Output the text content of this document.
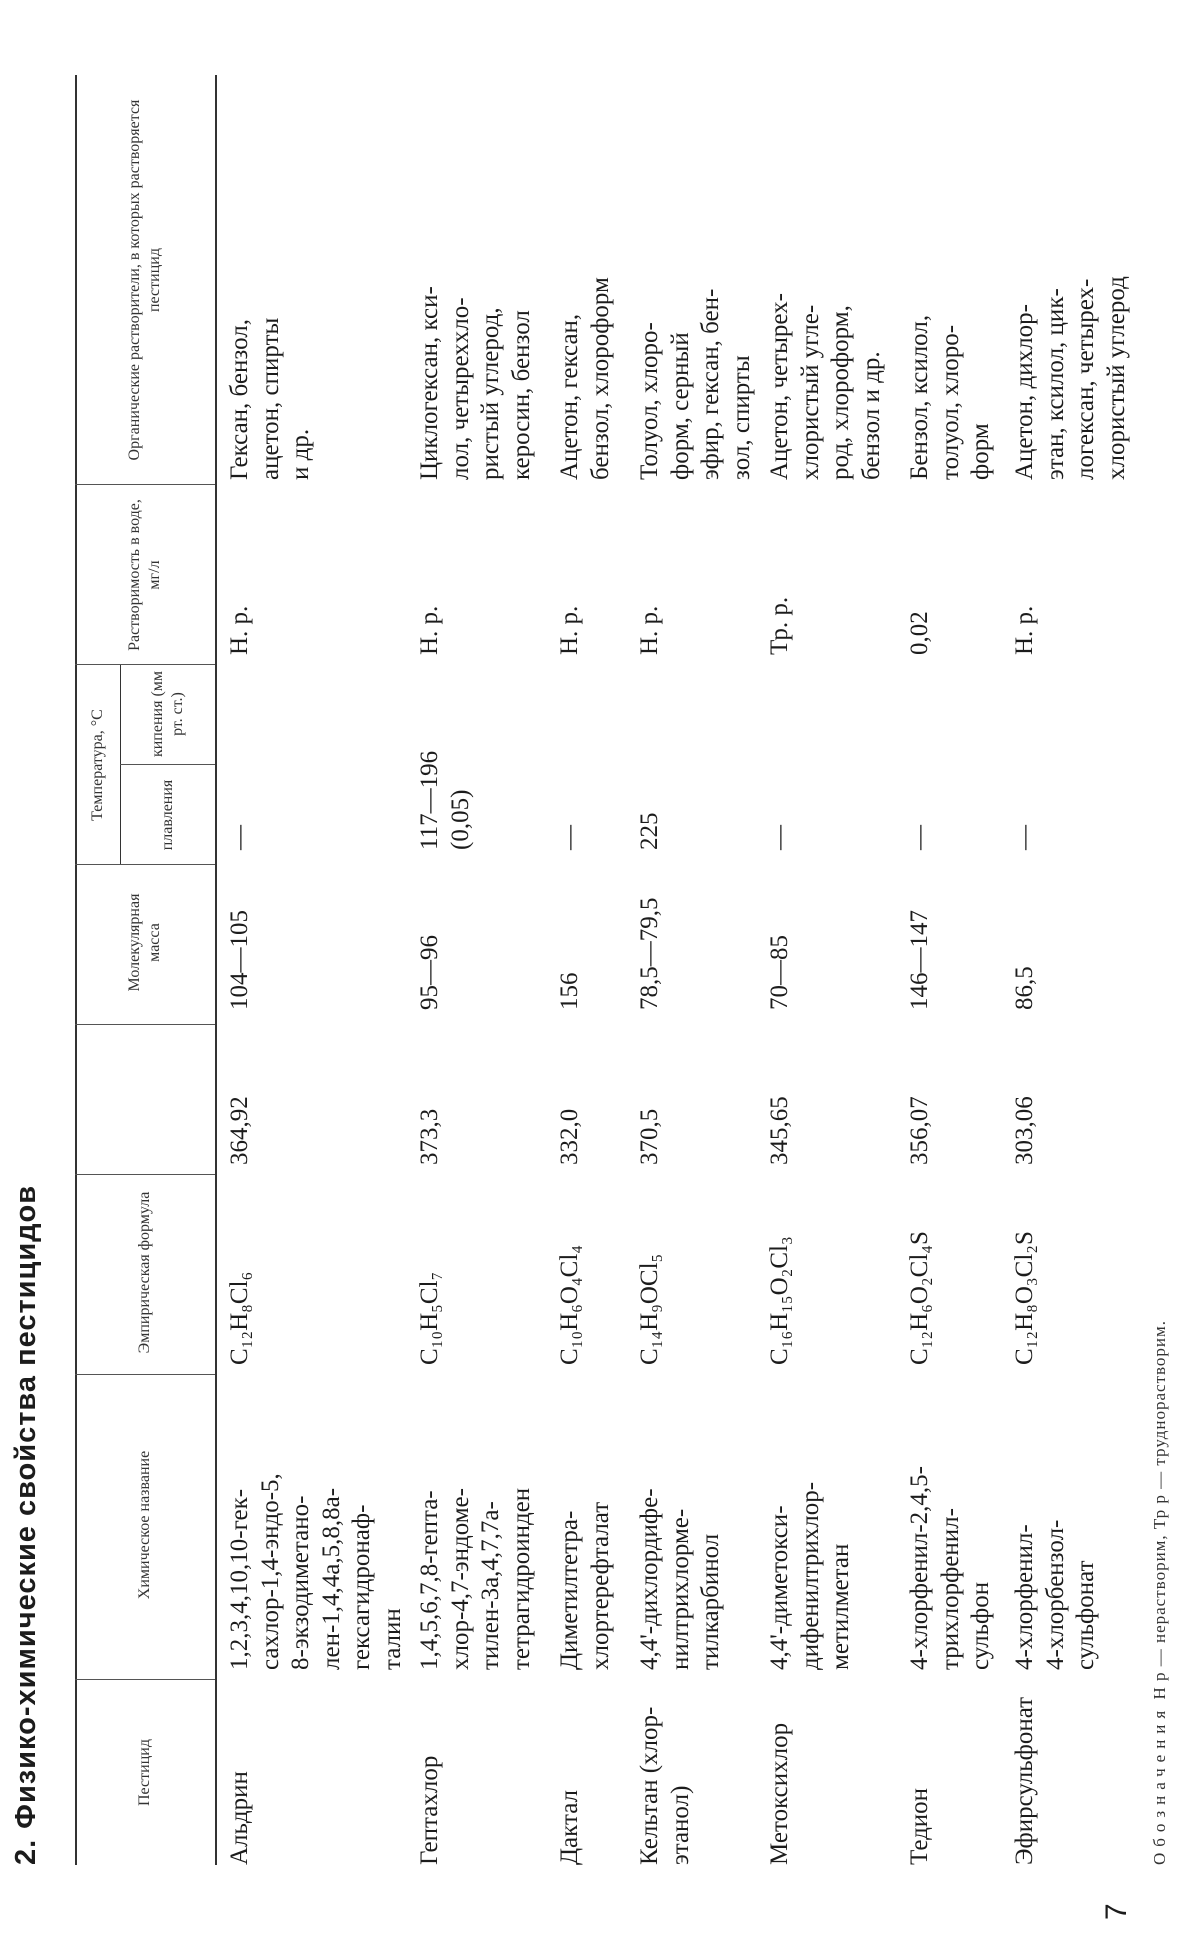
2.Физико-химические свойства пестицидов	Пестицид
Химическое название
Эмпирическая формула
Молекулярная масса
Температура, °С	плавления
кипения (мм рт. ст.)
Растворимость в воде, мг/л
Органические растворители, в которых растворяется пестицид
Альдрин
1,2,3,4,10,10-гек- сахлор-1,4-эндо-5, 8-экзодиметано- лен-1,4,4a,5,8,8a- гексагидронаф- талин
C₁₂H₈Cl₆
364,92
104—105
—
Н. р.
Гексан, бензол, ацетон, спирты и др.
Гептахлор
1,4,5,6,7,8-гепта- хлор-4,7-эндоме- тилен-3a,4,7,7a- тетрагидроинден
C₁₀H₅Cl₇
373,3
95—96
117—196 (0,05)
Н. р.
Циклогексан, кси- лол, четыреххло- ристый углерод, керосин, бензол
Дактал
Диметилтетра- хлортерефталат
C₁₀H₆O₄Cl₄
332,0
156
—
Н. р.
Ацетон, гексан, бензол, хлороформ
Кельтан (хлор- этанол)
4,4'-дихлордифе- нилтрихлорме- тилкарбинол
C₁₄H₉OCl₅
370,5
78,5—79,5
225
Н. р.
Толуол, хлоро- форм, серный эфир, гексан, бен- зол, спирты
Метоксихлор
4,4'-диметокси- дифенилтрихлор- метилметан
C₁₆H₁₅O₂Cl₃
345,65
70—85
—
Тр. р.
Ацетон, четырех- хлористый угле- род, хлороформ, бензол и др.
Тедион
4-хлорфенил-2,4,5- трихлорфенил- сульфон
C₁₂H₆O₂Cl₄S
356,07
146—147
—
0,02
Бензол, ксилол, толуол, хлоро- форм
Эфирсульфонат
4-хлорфенил- 4-хлорбензол- сульфонат
C₁₂H₈O₃Cl₂S
303,06
86,5
—
Н. р.
Ацетон, дихлор- этан, ксилол, цик- логексан, четырех- хлористый углерод
Обозначения Н р — нерастворим, Тр р — труднорастворим.
7
